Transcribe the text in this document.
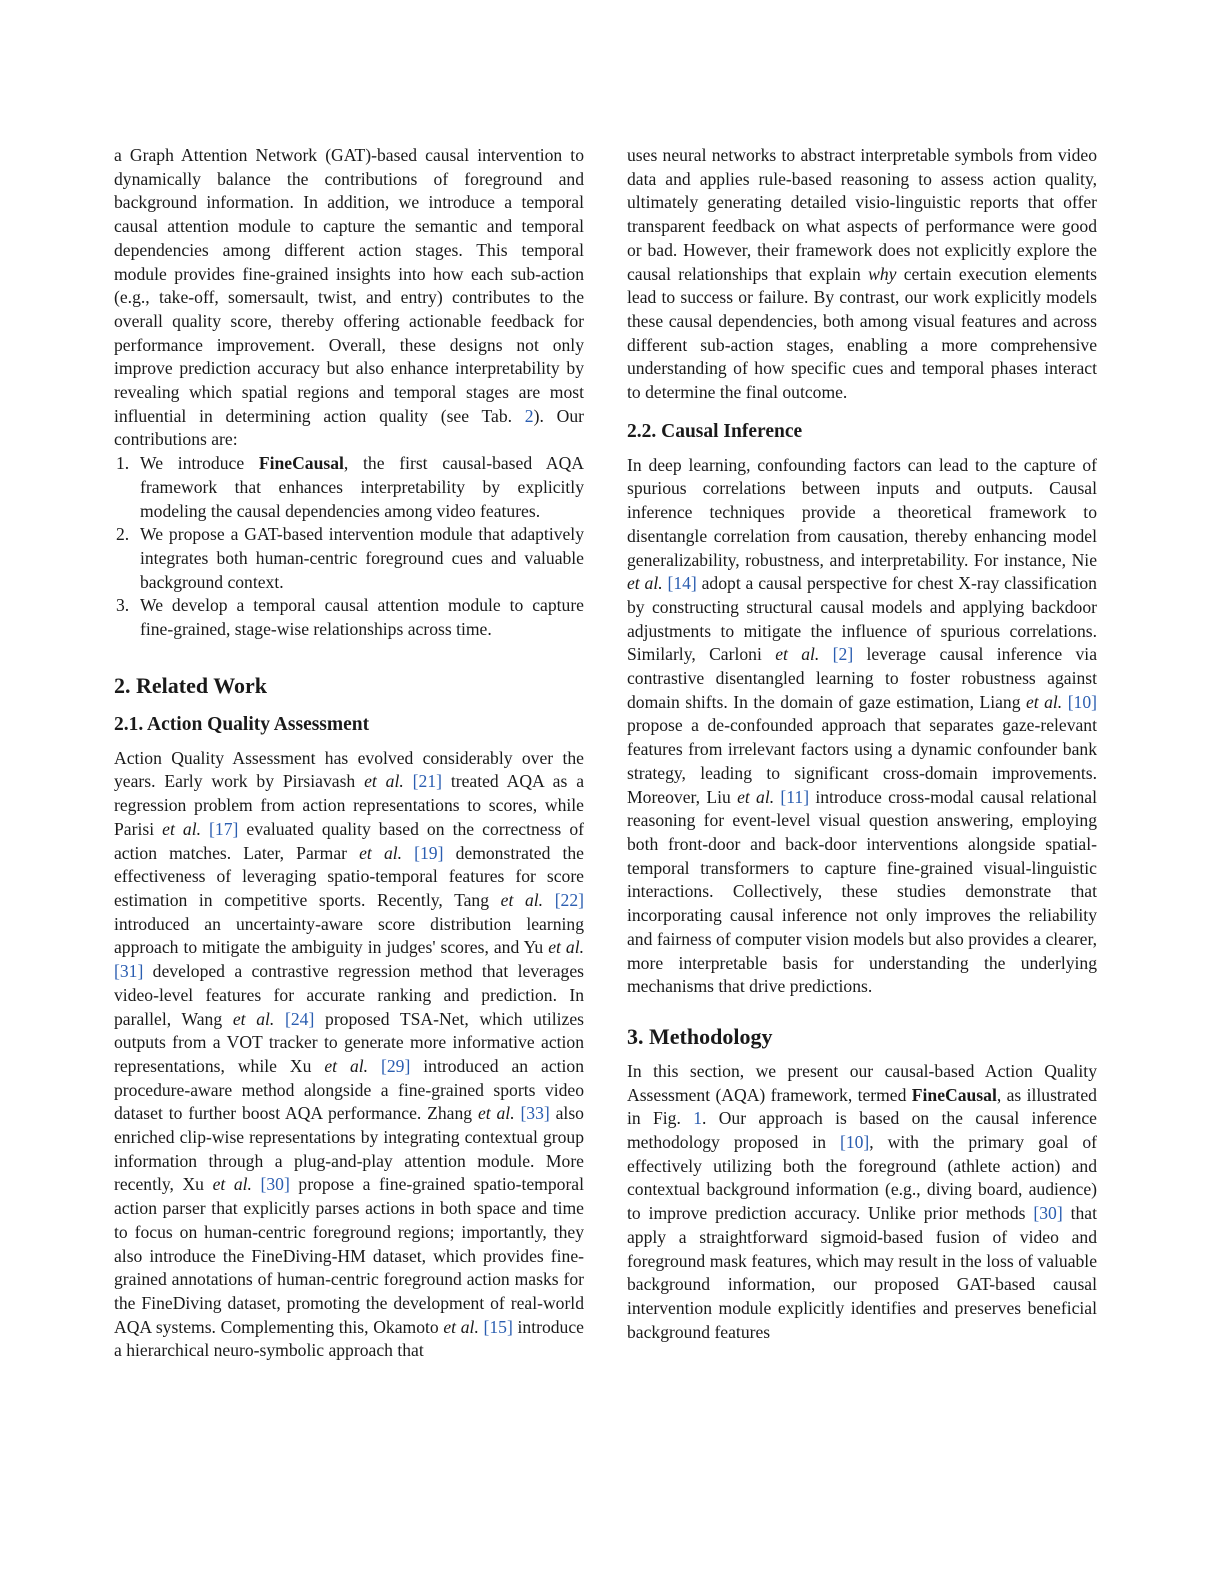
a Graph Attention Network (GAT)-based causal intervention to dynamically balance the contributions of foreground and background information. In addition, we introduce a temporal causal attention module to capture the semantic and temporal dependencies among different action stages. This temporal module provides fine-grained insights into how each sub-action (e.g., take-off, somersault, twist, and entry) contributes to the overall quality score, thereby offering actionable feedback for performance improvement. Overall, these designs not only improve prediction accuracy but also enhance interpretability by revealing which spatial regions and temporal stages are most influential in determining action quality (see Tab. 2). Our contributions are:

1. We introduce FineCausal, the first causal-based AQA framework that enhances interpretability by explicitly modeling the causal dependencies among video features.
2. We propose a GAT-based intervention module that adaptively integrates both human-centric foreground cues and valuable background context.
3. We develop a temporal causal attention module to capture fine-grained, stage-wise relationships across time.
2. Related Work
2.1. Action Quality Assessment

Action Quality Assessment has evolved considerably over the years. Early work by Pirsiavash et al. [21] treated AQA as a regression problem from action representations to scores, while Parisi et al. [17] evaluated quality based on the correctness of action matches. Later, Parmar et al. [19] demonstrated the effectiveness of leveraging spatio-temporal features for score estimation in competitive sports. Recently, Tang et al. [22] introduced an uncertainty-aware score distribution learning approach to mitigate the ambiguity in judges' scores, and Yu et al. [31] developed a contrastive regression method that leverages video-level features for accurate ranking and prediction. In parallel, Wang et al. [24] proposed TSA-Net, which utilizes outputs from a VOT tracker to generate more informative action representations, while Xu et al. [29] introduced an action procedure-aware method alongside a fine-grained sports video dataset to further boost AQA performance. Zhang et al. [33] also enriched clip-wise representations by integrating contextual group information through a plug-and-play attention module. More recently, Xu et al. [30] propose a fine-grained spatio-temporal action parser that explicitly parses actions in both space and time to focus on human-centric foreground regions; importantly, they also introduce the FineDiving-HM dataset, which provides fine-grained annotations of human-centric foreground action masks for the FineDiving dataset, promoting the development of real-world AQA systems. Complementing this, Okamoto et al. [15] introduce a hierarchical neuro-symbolic approach that

uses neural networks to abstract interpretable symbols from video data and applies rule-based reasoning to assess action quality, ultimately generating detailed visio-linguistic reports that offer transparent feedback on what aspects of performance were good or bad. However, their framework does not explicitly explore the causal relationships that explain why certain execution elements lead to success or failure. By contrast, our work explicitly models these causal dependencies, both among visual features and across different sub-action stages, enabling a more comprehensive understanding of how specific cues and temporal phases interact to determine the final outcome.

2.2. Causal Inference

In deep learning, confounding factors can lead to the capture of spurious correlations between inputs and outputs. Causal inference techniques provide a theoretical framework to disentangle correlation from causation, thereby enhancing model generalizability, robustness, and interpretability. For instance, Nie et al. [14] adopt a causal perspective for chest X-ray classification by constructing structural causal models and applying backdoor adjustments to mitigate the influence of spurious correlations. Similarly, Carloni et al. [2] leverage causal inference via contrastive disentangled learning to foster robustness against domain shifts. In the domain of gaze estimation, Liang et al. [10] propose a de-confounded approach that separates gaze-relevant features from irrelevant factors using a dynamic confounder bank strategy, leading to significant cross-domain improvements. Moreover, Liu et al. [11] introduce cross-modal causal relational reasoning for event-level visual question answering, employing both front-door and back-door interventions alongside spatial-temporal transformers to capture fine-grained visual-linguistic interactions. Collectively, these studies demonstrate that incorporating causal inference not only improves the reliability and fairness of computer vision models but also provides a clearer, more interpretable basis for understanding the underlying mechanisms that drive predictions.

3. Methodology

In this section, we present our causal-based Action Quality Assessment (AQA) framework, termed FineCausal, as illustrated in Fig. 1. Our approach is based on the causal inference methodology proposed in [10], with the primary goal of effectively utilizing both the foreground (athlete action) and contextual background information (e.g., diving board, audience) to improve prediction accuracy. Unlike prior methods [30] that apply a straightforward sigmoid-based fusion of video and foreground mask features, which may result in the loss of valuable background information, our proposed GAT-based causal intervention module explicitly identifies and preserves beneficial background features
